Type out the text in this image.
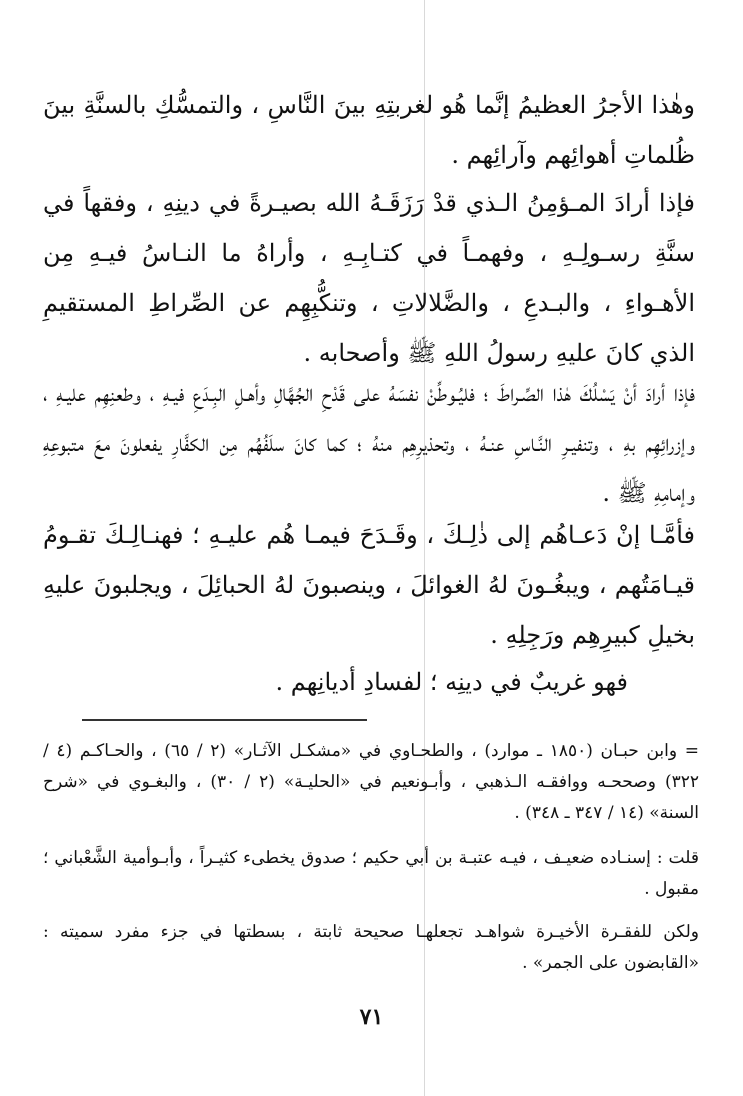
وهٰذا الأجرُ العظيمُ إنَّما هُو لغربتِهِ بينَ النَّاسِ ، والتمسُّكِ بالسنَّةِ بينَ ظُلماتِ أهوائِهم وآرائِهم .

فإذا أرادَ المـؤمِنُ الـذي قدْ رَزَقَـهُ الله بصيـرةً في دينِهِ ، وفقهاً في سنَّةِ رسـولِـهِ ، وفهمـاً في كتـابِـهِ ، وأراهُ ما النـاسُ فيـهِ مِن الأهـواءِ ، والبـدعِ ، والضَّلالاتِ ، وتنكُّبِهِم عن الصِّراطِ المستقيمِ الذي كانَ عليهِ رسولُ اللهِ ﷺ وأصحابه .

فإذا أرادَ أنْ يَسْلُكَ هٰذا الصِّـراطَ ؛ فليُـوطِّنْ نفسَهُ على قَدْحِ الجُهَّالِ وأهـلِ البِـدَعِ فيـهِ ، وطعنِهِم عليـهِ ، وإزرائِهِم بهِ ، وتنفيـرِ النَّـاسِ عنـهُ ، وتحذيرِهِم منهُ ؛ كما كانَ سلَفُهُم مِن الكفَّارِ يفعلونَ معَ متبوعِهِ وإمامِهِ ﷺ .

فأمَّـا إنْ دَعـاهُم إلى ذٰلِـكَ ، وقَـدَحَ فيمـا هُم عليـهِ ؛ فهنـالِـكَ تقـومُ قيـامَتُهم ، ويبغُـونَ لهُ الغوائلَ ، وينصبونَ لهُ الحبائِلَ ، ويجلبونَ عليهِ بخيلِ كبيرِهِم ورَجِلِهِ .

فهو غريبٌ في دينِه ؛ لفسادِ أديانِهم .

= وابن حبـان (١٨٥٠ ـ موارد) ، والطحـاوي في «مشكـل الآثـار» (٢ / ٦٥) ، والحـاكـم (٤ / ٣٢٢) وصححـه ووافقـه الـذهبي ، وأبـونعيم في «الحليـة» (٢ / ٣٠) ، والبغـوي في «شرح السنة» (١٤ / ٣٤٧ ـ ٣٤٨) .

قلت : إسنـاده ضعيـف ، فيـه عتبـة بن أبي حكيم ؛ صدوق يخطىء كثيـراً ، وأبـوأمية الشَّعْباني ؛ مقبول .

ولكن للفقـرة الأخيـرة شواهـد تجعلهـا صحيحة ثابتة ، بسطتها في جزء مفرد سميته : «القابضون على الجمر» .

٧١
